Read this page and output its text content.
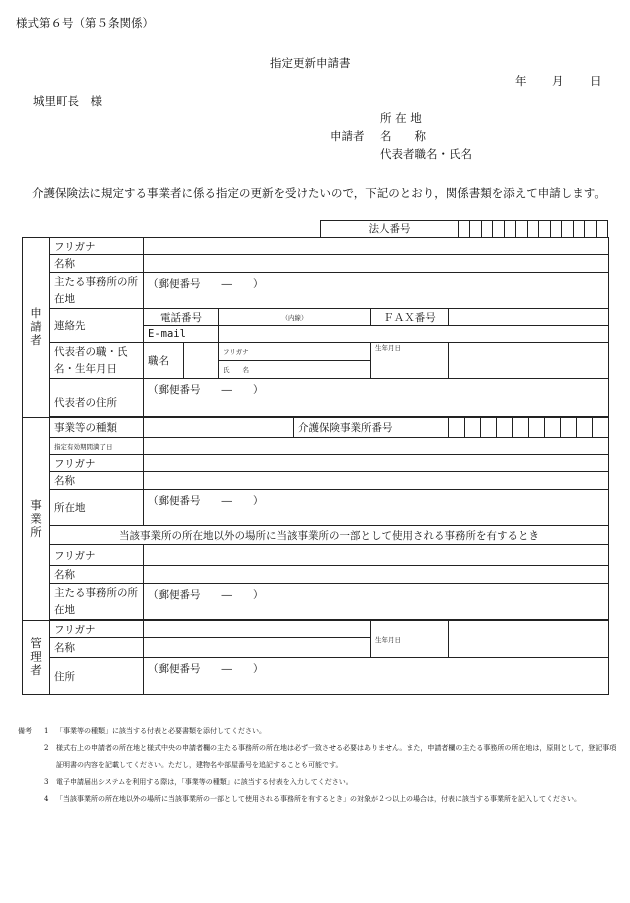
様式第６号（第５条関係）
指定更新申請書
年 月 日
城里町長　様
所 在 地
申請者 名　　称
代表者職名・氏名
介護保険法に規定する事業者に係る指定の更新を受けたいので，下記のとおり，関係書類を添えて申請します。
法人番号
申請者	フリガナ						
	名称						
	主たる事務所の所在地	（郵便番号　　―　　）					
	連絡先	電話番号		（内線）		ＦＡＸ番号	
		E-mail					
	代表者の職・氏名・生年月日	職名		フリガナ		生年月日	
				氏　　名			
	代表者の住所	（郵便番号　　―　　）					

事業所	事業等の種類				介護保険事業所番号		

	指定有効期間満了日						
	フリガナ						
	名称						
	所在地	（郵便番号　　―　　）					
	当該事業所の所在地以外の場所に当該事業所の一部として使用される事務所を有するとき						
	フリガナ						
	名称						
	主たる事務所の所在地	（郵便番号　　―　　）					

管理者	フリガナ					生年月日	
	名称						
	住所	（郵便番号　　―　　）					
備考	1	「事業等の種類」に該当する付表と必要書類を添付してください。
2	様式右上の申請者の所在地と様式中央の申請者欄の主たる事務所の所在地は必ず一致させる必要はありません。また，申請者欄の主たる事務所の所在地は，原則として，登記事項証明書の内容を記載してください。ただし，建物名や部屋番号を追記することも可能です。
3	電子申請届出システムを利用する際は，「事業等の種類」に該当する付表を入力してください。
4	「当該事業所の所在地以外の場所に当該事業所の一部として使用される事務所を有するとき」の対象が２つ以上の場合は，付表に該当する事業所を記入してください。
